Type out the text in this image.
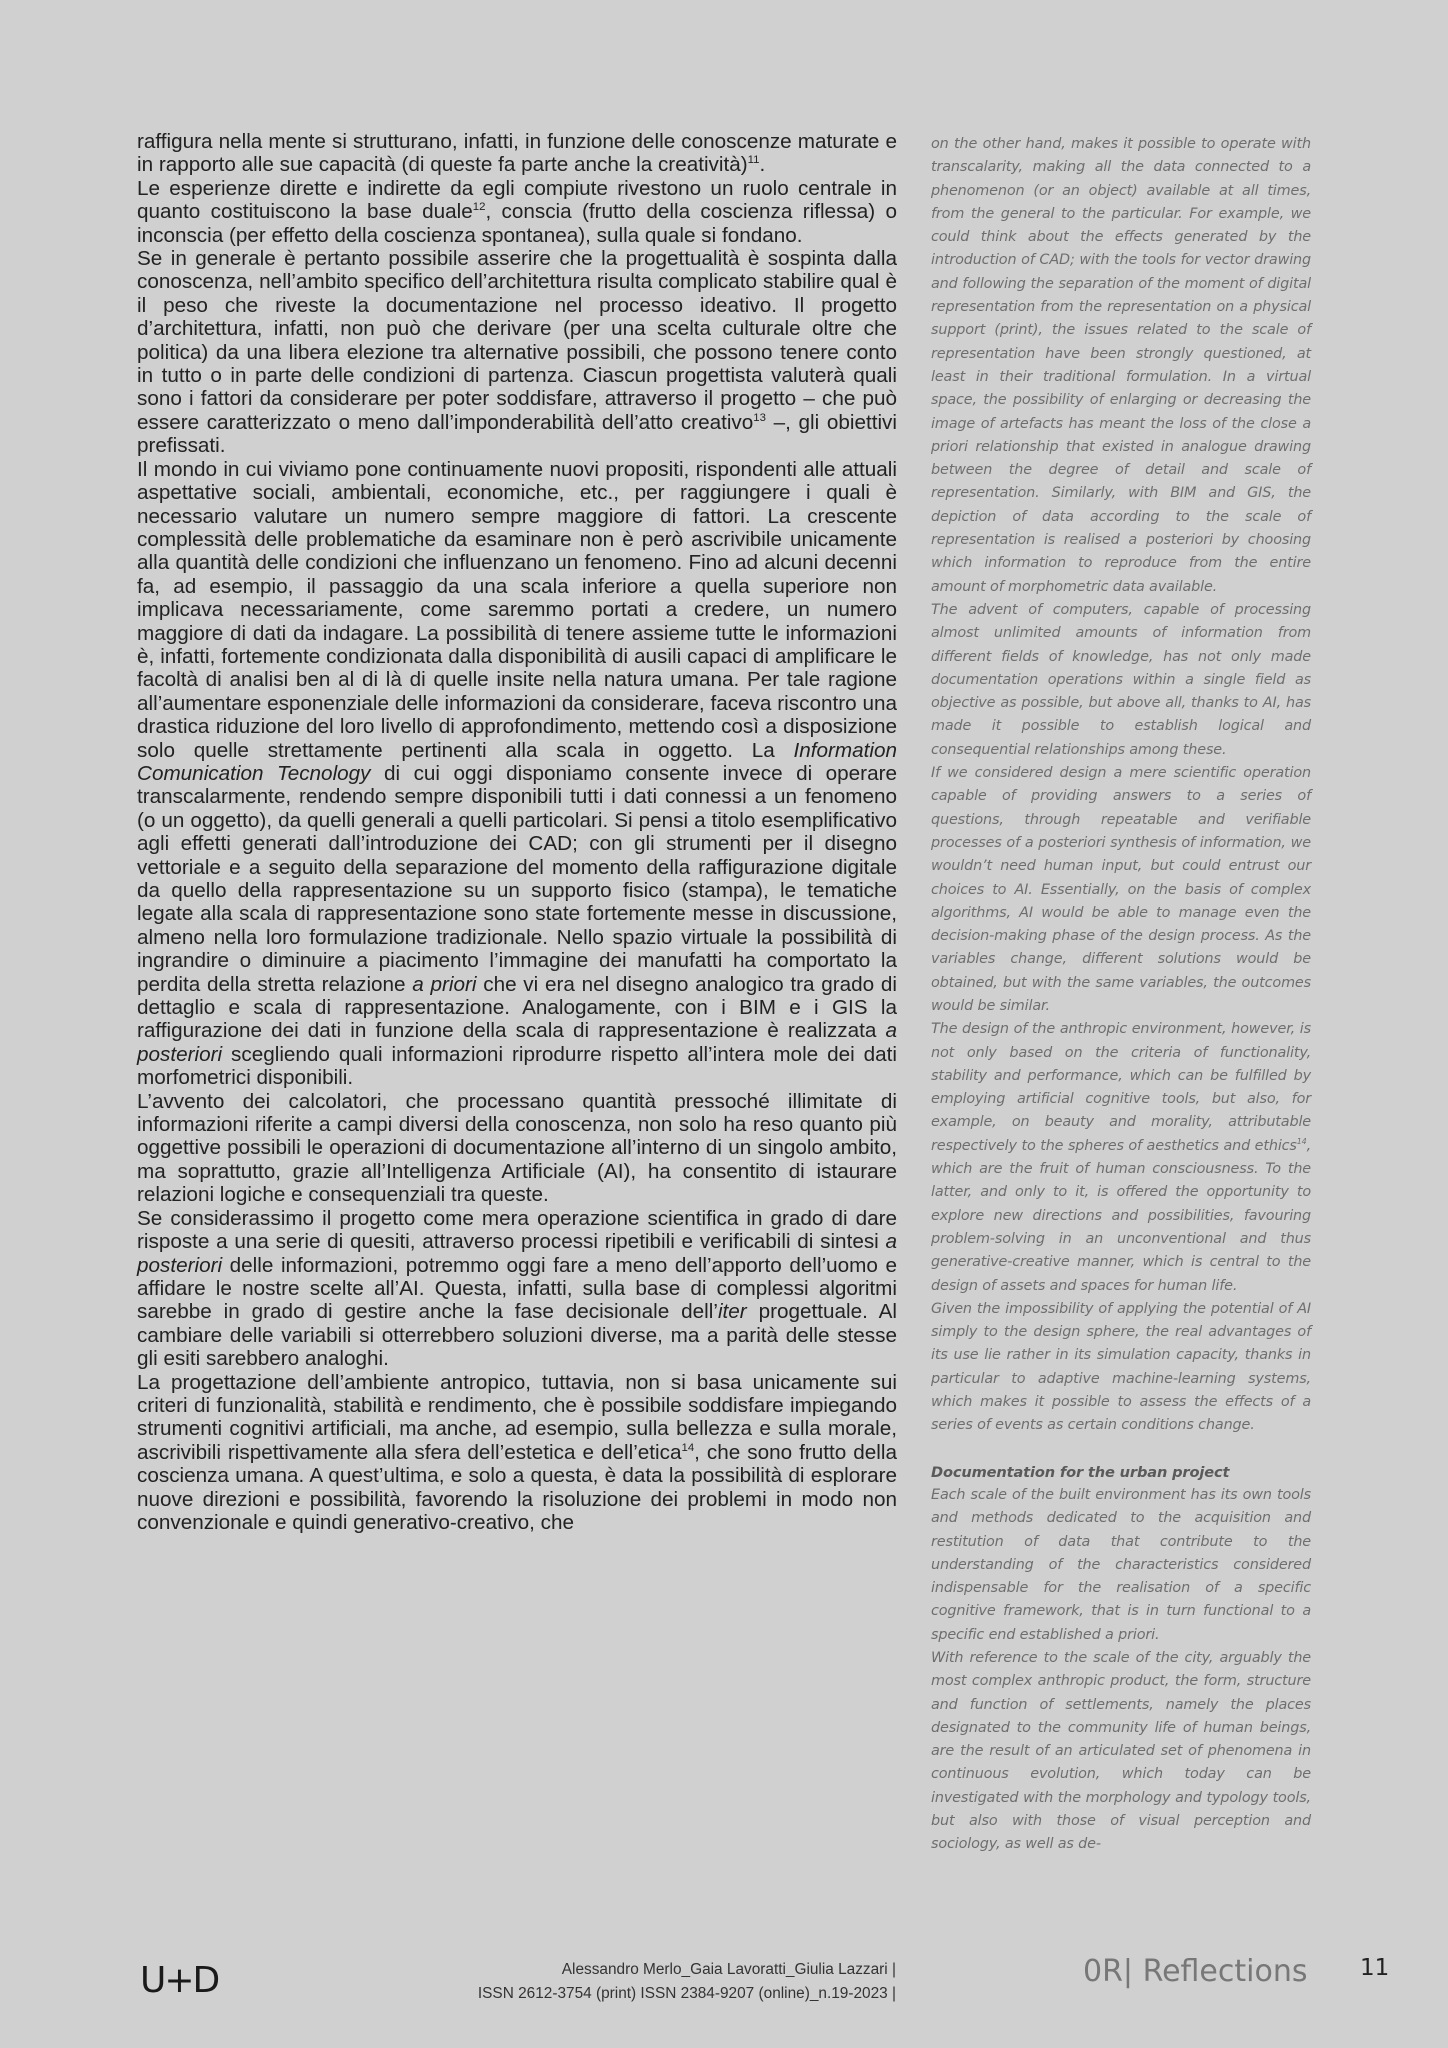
raffigura nella mente si strutturano, infatti, in funzione delle conoscenze maturate e in rapporto alle sue capacità (di queste fa parte anche la creatività)$^{11}$.

Le esperienze dirette e indirette da egli compiute rivestono un ruolo centrale in quanto costituiscono la base duale$^{12}$, conscia (frutto della coscienza riflessa) o inconscia (per effetto della coscienza spontanea), sulla quale si fondano.

Se in generale è pertanto possibile asserire che la progettualità è sospinta dalla conoscenza, nell’ambito specifico dell’architettura risulta complicato stabilire qual è il peso che riveste la documentazione nel processo ideativo. Il progetto d’architettura, infatti, non può che derivare (per una scelta culturale oltre che politica) da una libera elezione tra alternative possibili, che possono tenere conto in tutto o in parte delle condizioni di partenza. Ciascun progettista valuterà quali sono i fattori da considerare per poter soddisfare, attraverso il progetto – che può essere caratterizzato o meno dall’imponderabilità dell’atto creativo$^{13}$ –, gli obiettivi prefissati.

Il mondo in cui viviamo pone continuamente nuovi propositi, rispondenti alle attuali aspettative sociali, ambientali, economiche, etc., per raggiungere i quali è necessario valutare un numero sempre maggiore di fattori. La crescente complessità delle problematiche da esaminare non è però ascrivibile unicamente alla quantità delle condizioni che influenzano un fenomeno. Fino ad alcuni decenni fa, ad esempio, il passaggio da una scala inferiore a quella superiore non implicava necessariamente, come saremmo portati a credere, un numero maggiore di dati da indagare. La possibilità di tenere assieme tutte le informazioni è, infatti, fortemente condizionata dalla disponibilità di ausili capaci di amplificare le facoltà di analisi ben al di là di quelle insite nella natura umana. Per tale ragione all’aumentare esponenziale delle informazioni da considerare, faceva riscontro una drastica riduzione del loro livello di approfondimento, mettendo così a disposizione solo quelle strettamente pertinenti alla scala in oggetto. La Information Comunication Tecnology di cui oggi disponiamo consente invece di operare transcalarmente, rendendo sempre disponibili tutti i dati connessi a un fenomeno (o un oggetto), da quelli generali a quelli particolari. Si pensi a titolo esemplificativo agli effetti generati dall’introduzione dei CAD; con gli strumenti per il disegno vettoriale e a seguito della separazione del momento della raffigurazione digitale da quello della rappresentazione su un supporto fisico (stampa), le tematiche legate alla scala di rappresentazione sono state fortemente messe in discussione, almeno nella loro formulazione tradizionale. Nello spazio virtuale la possibilità di ingrandire o diminuire a piacimento l’immagine dei manufatti ha comportato la perdita della stretta relazione a priori che vi era nel disegno analogico tra grado di dettaglio e scala di rappresentazione. Analogamente, con i BIM e i GIS la raffigurazione dei dati in funzione della scala di rappresentazione è realizzata a posteriori scegliendo quali informazioni riprodurre rispetto all’intera mole dei dati morfometrici disponibili.

L’avvento dei calcolatori, che processano quantità pressoché illimitate di informazioni riferite a campi diversi della conoscenza, non solo ha reso quanto più oggettive possibili le operazioni di documentazione all’interno di un singolo ambito, ma soprattutto, grazie all’Intelligenza Artificiale (AI), ha consentito di istaurare relazioni logiche e consequenziali tra queste.

Se considerassimo il progetto come mera operazione scientifica in grado di dare risposte a una serie di quesiti, attraverso processi ripetibili e verificabili di sintesi a posteriori delle informazioni, potremmo oggi fare a meno dell’apporto dell’uomo e affidare le nostre scelte all’AI. Questa, infatti, sulla base di complessi algoritmi sarebbe in grado di gestire anche la fase decisionale dell’iter progettuale. Al cambiare delle variabili si otterrebbero soluzioni diverse, ma a parità delle stesse gli esiti sarebbero analoghi.

La progettazione dell’ambiente antropico, tuttavia, non si basa unicamente sui criteri di funzionalità, stabilità e rendimento, che è possibile soddisfare impiegando strumenti cognitivi artificiali, ma anche, ad esempio, sulla bellezza e sulla morale, ascrivibili rispettivamente alla sfera dell’estetica e dell’etica$^{14}$, che sono frutto della coscienza umana. A quest’ultima, e solo a questa, è data la possibilità di esplorare nuove direzioni e possibilità, favorendo la risoluzione dei problemi in modo non convenzionale e quindi generativo-creativo, che

on the other hand, makes it possible to operate with transcalarity, making all the data connected to a phenomenon (or an object) available at all times, from the general to the particular. For example, we could think about the effects generated by the introduction of CAD; with the tools for vector drawing and following the separation of the moment of digital representation from the representation on a physical support (print), the issues related to the scale of representation have been strongly questioned, at least in their traditional formulation. In a virtual space, the possibility of enlarging or decreasing the image of artefacts has meant the loss of the close a priori relationship that existed in analogue drawing between the degree of detail and scale of representation. Similarly, with BIM and GIS, the depiction of data according to the scale of representation is realised a posteriori by choosing which information to reproduce from the entire amount of morphometric data available.

The advent of computers, capable of processing almost unlimited amounts of information from different fields of knowledge, has not only made documentation operations within a single field as objective as possible, but above all, thanks to AI, has made it possible to establish logical and consequential relationships among these.

If we considered design a mere scientific operation capable of providing answers to a series of questions, through repeatable and verifiable processes of a posteriori synthesis of information, we wouldn’t need human input, but could entrust our choices to AI. Essentially, on the basis of complex algorithms, AI would be able to manage even the decision-making phase of the design process. As the variables change, different solutions would be obtained, but with the same variables, the outcomes would be similar.

The design of the anthropic environment, however, is not only based on the criteria of functionality, stability and performance, which can be fulfilled by employing artificial cognitive tools, but also, for example, on beauty and morality, attributable respectively to the spheres of aesthetics and ethics$^{14}$, which are the fruit of human consciousness. To the latter, and only to it, is offered the opportunity to explore new directions and possibilities, favouring problem-solving in an unconventional and thus generative-creative manner, which is central to the design of assets and spaces for human life.

Given the impossibility of applying the potential of AI simply to the design sphere, the real advantages of its use lie rather in its simulation capacity, thanks in particular to adaptive machine-learning systems, which makes it possible to assess the effects of a series of events as certain conditions change.

Documentation for the urban project

Each scale of the built environment has its own tools and methods dedicated to the acquisition and restitution of data that contribute to the understanding of the characteristics considered indispensable for the realisation of a specific cognitive framework, that is in turn functional to a specific end established a priori.

With reference to the scale of the city, arguably the most complex anthropic product, the form, structure and function of settlements, namely the places designated to the community life of human beings, are the result of an articulated set of phenomena in continuous evolution, which today can be investigated with the morphology and typology tools, but also with those of visual perception and sociology, as well as de-

U+D	Alessandro Merlo_Gaia Lavoratti_Giulia Lazzari |
ISSN 2612-3754 (print) ISSN 2384-9207 (online)_n.19-2023 |
0R| Reflections 11
